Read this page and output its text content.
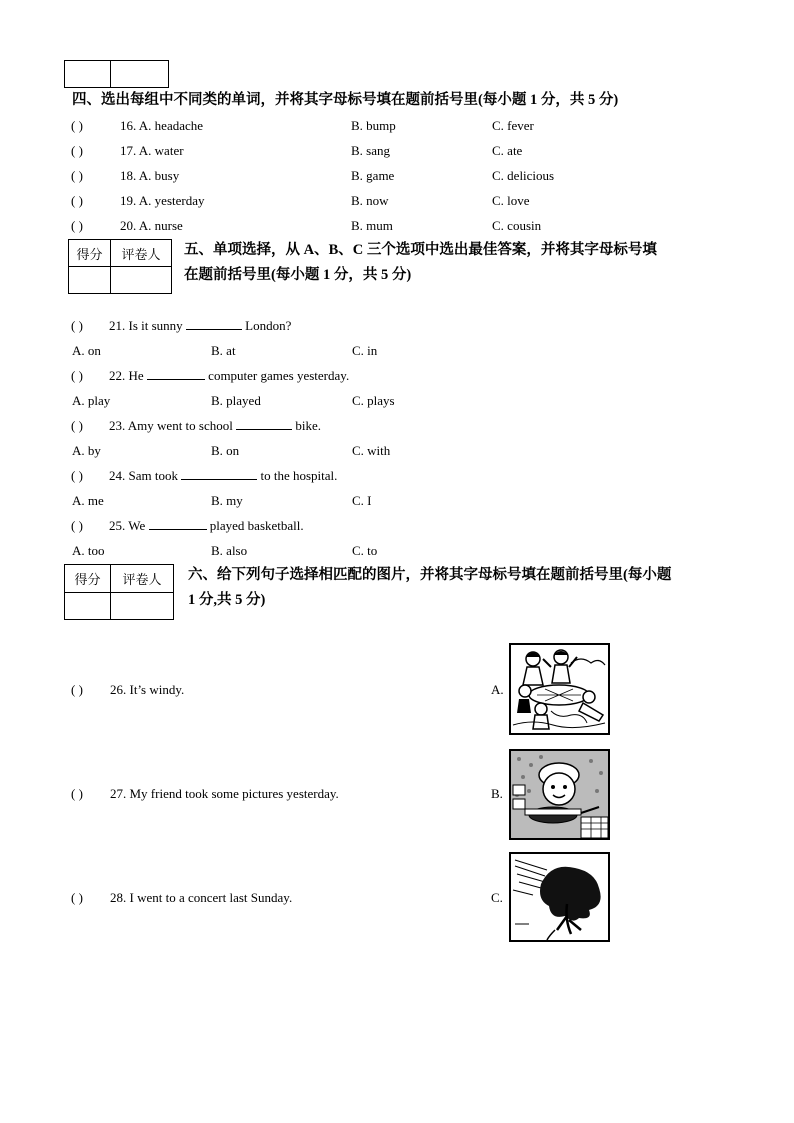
四、选出每组中不同类的单词，并将其字母标号填在题前括号里(每小题 1 分，共 5 分)
( )	16. A. headache	B. bump	C. fever
( )	17. A. water	B. sang	C. ate
( )	18. A. busy	B. game	C. delicious
( )	19. A. yesterday	B. now	C. love
( )	20. A. nurse	B. mum	C. cousin
得分	评卷人
	五、单项选择，从 A、B、C 三个选项中选出最佳答案，并将其字母标号填
在题前括号里(每小题 1 分，共 5 分)
( ) 21. Is it sunny	London?
A. on	B. at	C. in
( ) 22. He	computer games yesterday.
A. play	B. played	C. plays
( ) 23. Amy went to school	bike.
A. by	B. on	C. with
( ) 24. Sam took	to the hospital.
A. me	B. my	C. I
( ) 25. We	played basketball.
A. too	B. also	C. to
得分	评卷人
	六、给下列句子选择相匹配的图片，并将其字母标号填在题前括号里(每小题
1 分,共 5 分)
( ) 26. It’s windy.	A.
( ) 27. My friend took some pictures yesterday.	B.
( ) 28. I went to a concert last Sunday.	C.
